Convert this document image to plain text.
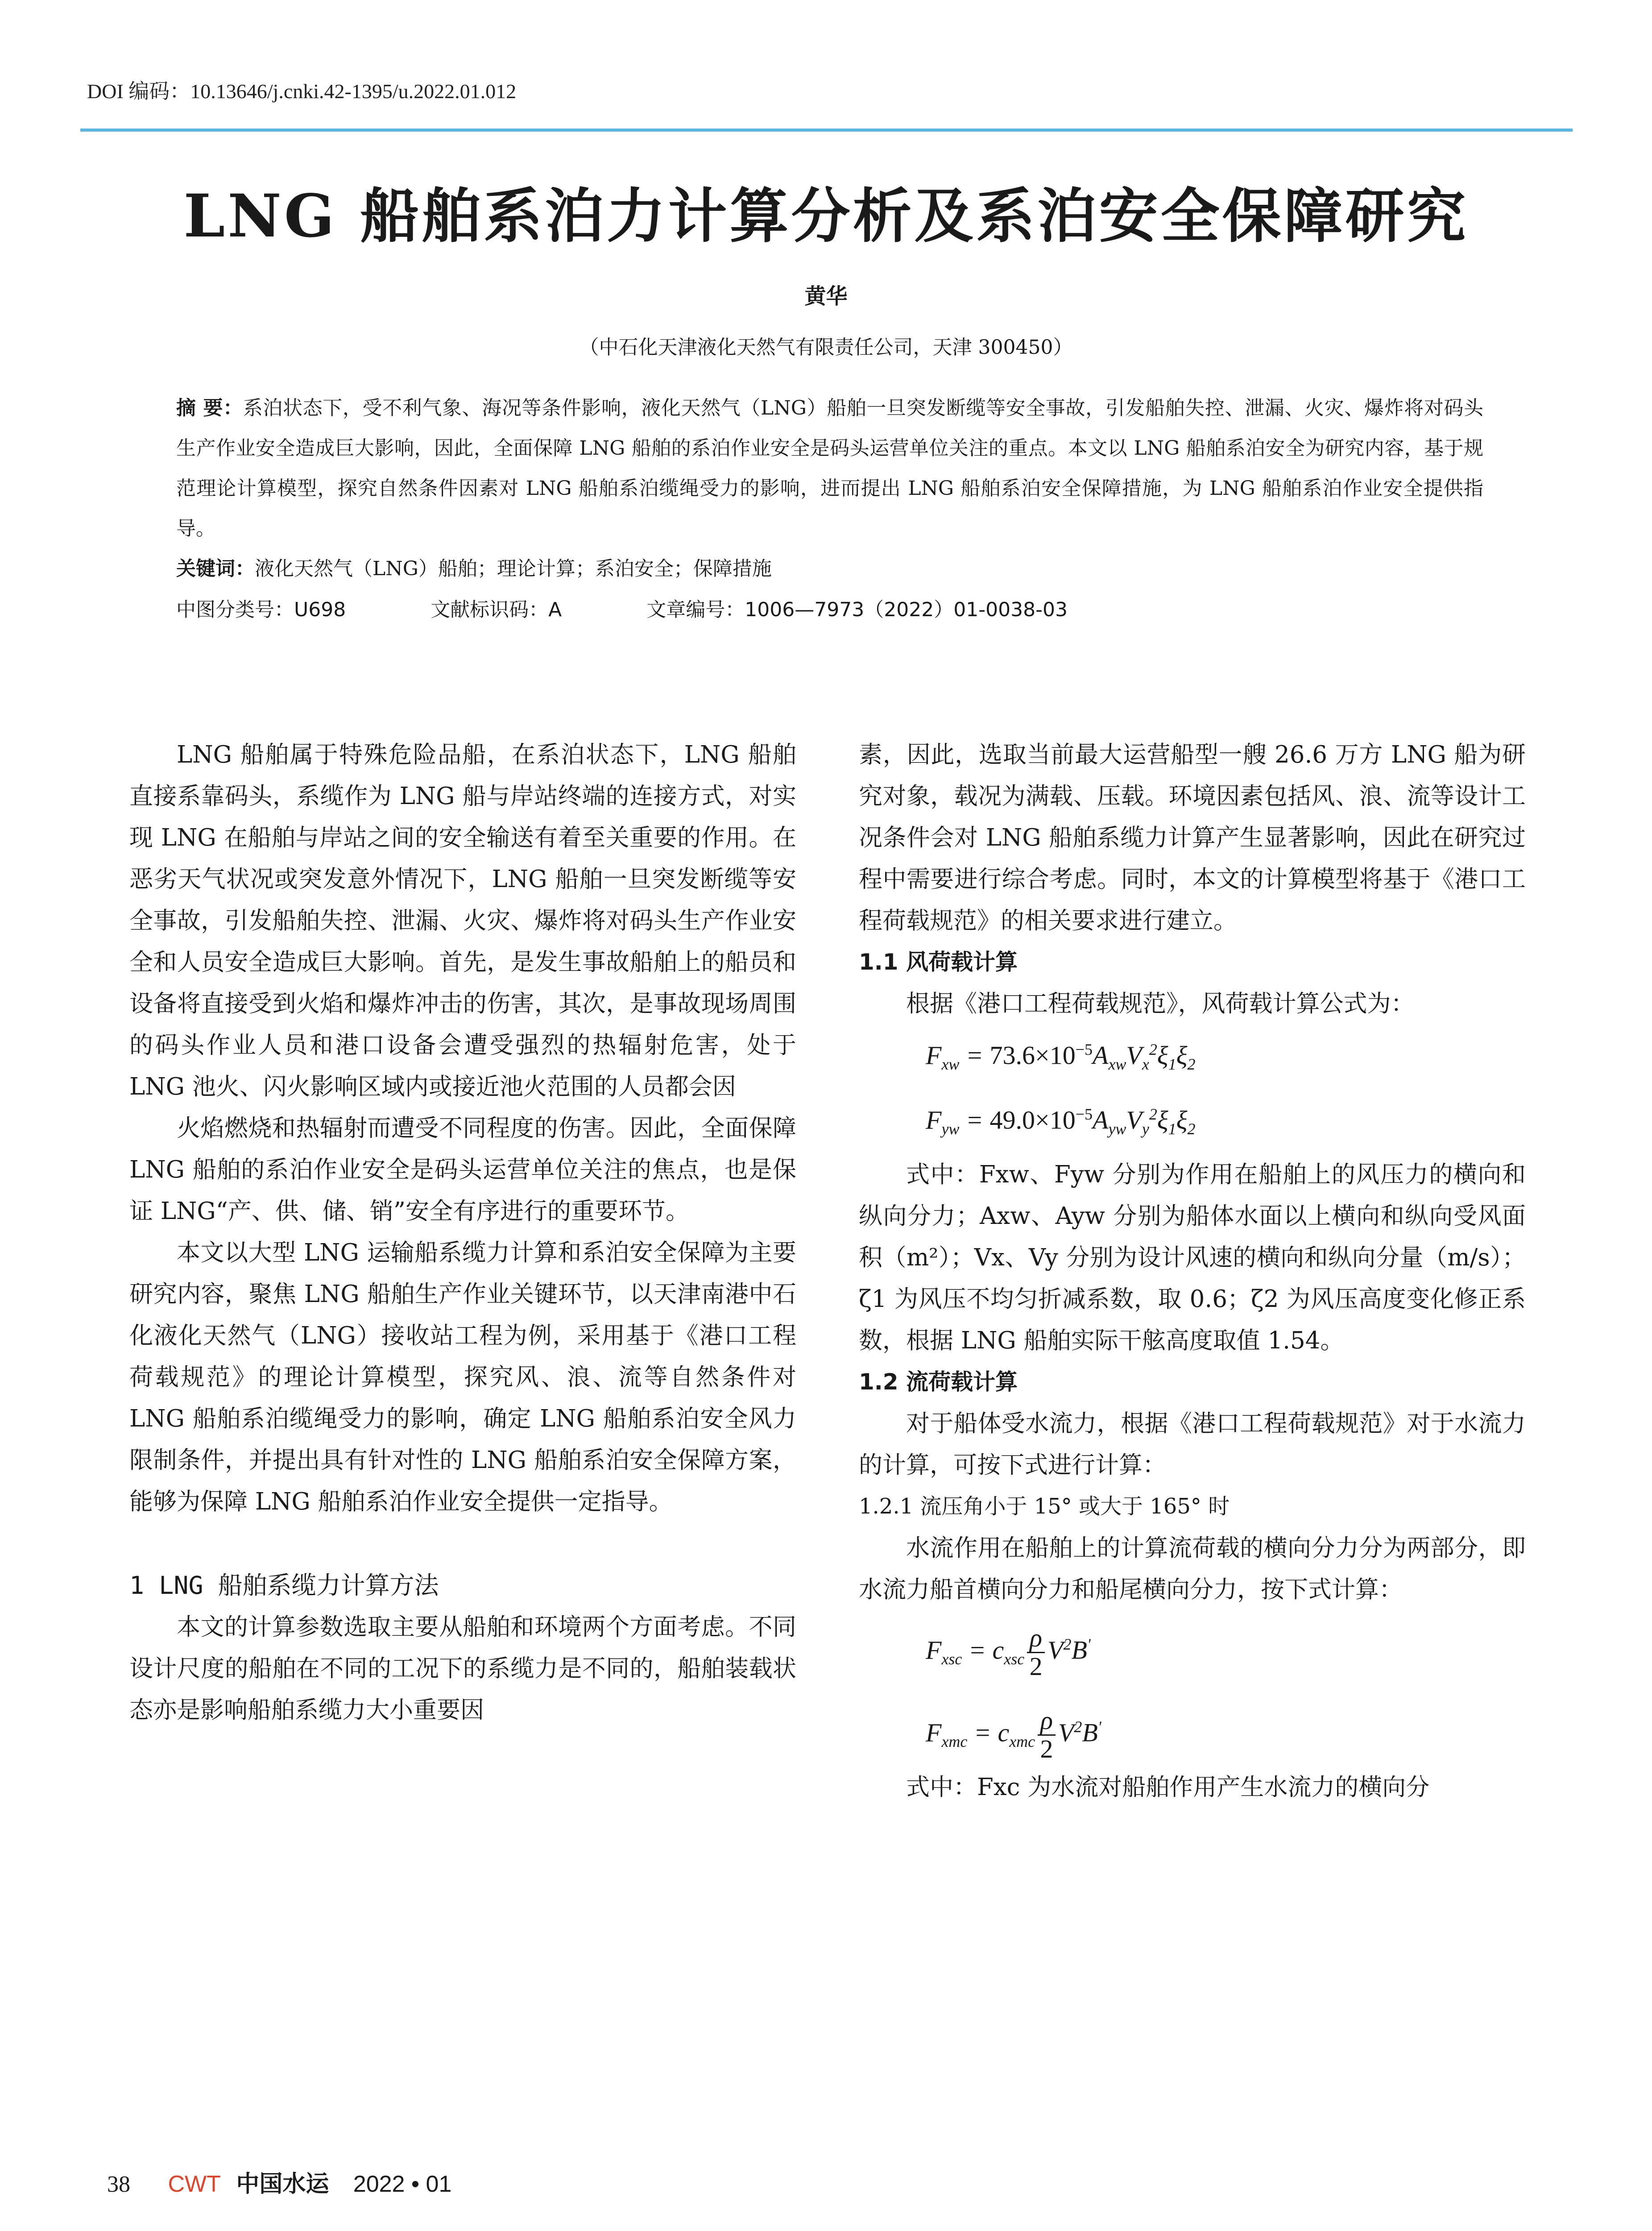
DOI 编码：10.13646/j.cnki.42-1395/u.2022.01.012
LNG 船舶系泊力计算分析及系泊安全保障研究
黄华
（中石化天津液化天然气有限责任公司，天津 300450）
摘 要：系泊状态下，受不利气象、海况等条件影响，液化天然气（LNG）船舶一旦突发断缆等安全事故，引发船舶失控、泄漏、火灾、爆炸将对码头生产作业安全造成巨大影响，因此，全面保障 LNG 船舶的系泊作业安全是码头运营单位关注的重点。本文以 LNG 船舶系泊安全为研究内容，基于规范理论计算模型，探究自然条件因素对 LNG 船舶系泊缆绳受力的影响，进而提出 LNG 船舶系泊安全保障措施，为 LNG 船舶系泊作业安全提供指导。
关键词：液化天然气（LNG）船舶；理论计算；系泊安全；保障措施
中图分类号：U698	文献标识码：A	文章编号：1006—7973（2022）01-0038-03

LNG 船舶属于特殊危险品船，在系泊状态下，LNG 船舶直接系靠码头，系缆作为 LNG 船与岸站终端的连接方式，对实现 LNG 在船舶与岸站之间的安全输送有着至关重要的作用。在恶劣天气状况或突发意外情况下，LNG 船舶一旦突发断缆等安全事故，引发船舶失控、泄漏、火灾、爆炸将对码头生产作业安全和人员安全造成巨大影响。首先，是发生事故船舶上的船员和设备将直接受到火焰和爆炸冲击的伤害，其次，是事故现场周围的码头作业人员和港口设备会遭受强烈的热辐射危害，处于 LNG 池火、闪火影响区域内或接近池火范围的人员都会因

火焰燃烧和热辐射而遭受不同程度的伤害。因此，全面保障 LNG 船舶的系泊作业安全是码头运营单位关注的焦点，也是保证 LNG“产、供、储、销”安全有序进行的重要环节。

本文以大型 LNG 运输船系缆力计算和系泊安全保障为主要研究内容，聚焦 LNG 船舶生产作业关键环节，以天津南港中石化液化天然气（LNG）接收站工程为例，采用基于《港口工程荷载规范》的理论计算模型，探究风、浪、流等自然条件对 LNG 船舶系泊缆绳受力的影响，确定 LNG 船舶系泊安全风力限制条件，并提出具有针对性的 LNG 船舶系泊安全保障方案，能够为保障 LNG 船舶系泊作业安全提供一定指导。

1 LNG 船舶系缆力计算方法

本文的计算参数选取主要从船舶和环境两个方面考虑。不同设计尺度的船舶在不同的工况下的系缆力是不同的，船舶装载状态亦是影响船舶系缆力大小重要因

素，因此，选取当前最大运营船型一艘 26.6 万方 LNG 船为研究对象，载况为满载、压载。环境因素包括风、浪、流等设计工况条件会对 LNG 船舶系缆力计算产生显著影响，因此在研究过程中需要进行综合考虑。同时，本文的计算模型将基于《港口工程荷载规范》的相关要求进行建立。

1.1 风荷载计算

根据《港口工程荷载规范》，风荷载计算公式为：

$F_{xw} = 73.6\times 10^{-5}A_{xw}V_x^2\xi_1\xi_2$
$F_{yw} = 49.0\times 10^{-5}A_{yw}V_y^2\xi_1\xi_2$

式中：Fxw、Fyw 分别为作用在船舶上的风压力的横向和纵向分力；Axw、Ayw 分别为船体水面以上横向和纵向受风面积（m²）；Vx、Vy 分别为设计风速的横向和纵向分量（m/s）；ζ1 为风压不均匀折减系数，取 0.6；ζ2 为风压高度变化修正系数，根据 LNG 船舶实际干舷高度取值 1.54。

1.2 流荷载计算

对于船体受水流力，根据《港口工程荷载规范》对于水流力的计算，可按下式进行计算：

1.2.1 流压角小于 15° 或大于 165° 时

水流作用在船舶上的计算流荷载的横向分力分为两部分，即水流力船首横向分力和船尾横向分力，按下式计算：

$F_{xsc} = c_{xsc} \frac{\rho}{2} V^2B'$
$F_{xmc} = c_{xmc} \frac{\rho}{2} V^2B'$

式中：Fxc 为水流对船舶作用产生水流力的横向分

38 CWT 中国水运 2022 • 01
